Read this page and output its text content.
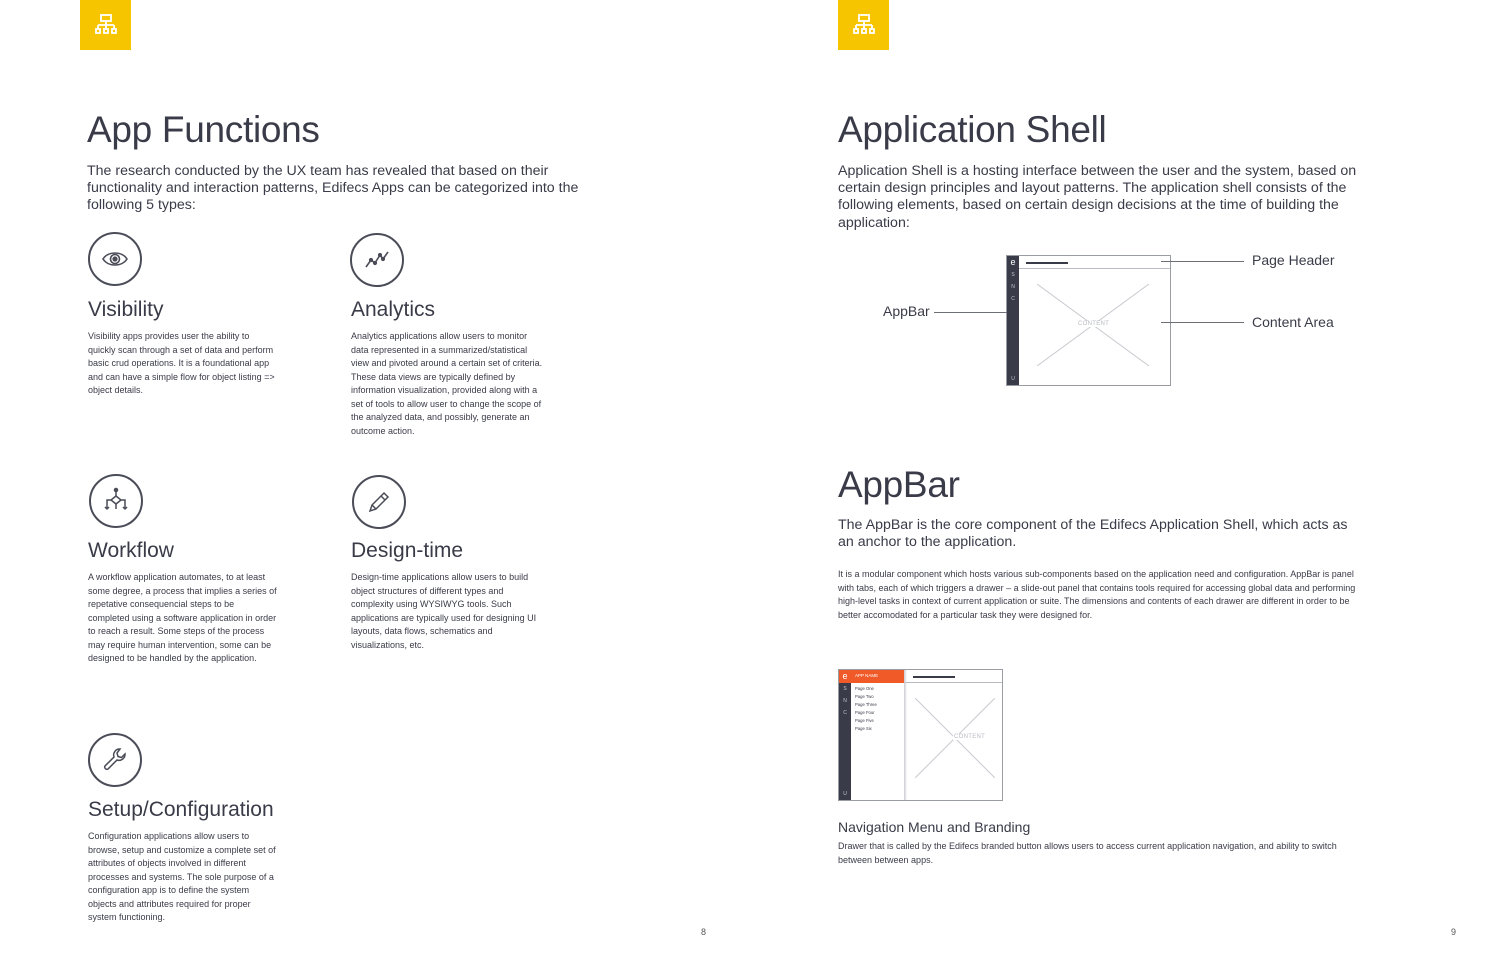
App Functions
The research conducted by the UX team has revealed that based on their functionality and interaction patterns, Edifecs Apps can be categorized into the following 5 types:
Visibility
Visibility apps provides user the ability to quickly scan through a set of data and perform basic crud operations. It is a foundational app and can have a simple flow for object listing => object details.
Analytics
Analytics applications allow users to monitor data represented in a summarized/statistical view and pivoted around a certain set of criteria. These data views are typically defined by information visualization, provided along with a set of tools to allow user to change the scope of the analyzed data, and possibly, generate an outcome action.
Workflow
A workflow application automates, to at least some degree, a process that implies a series of repetative consequencial steps to be completed using a software application in order to reach a result. Some steps of the process may require human intervention, some can be designed to be handled by the application.
Design-time
Design-time applications allow users to build object structures of different types and complexity using WYSIWYG tools. Such applications are typically used for designing UI layouts, data flows, schematics and visualizations, etc.
Setup/Configuration
Configuration applications allow users to browse, setup and customize a complete set of attributes of objects involved in different processes and systems. The sole purpose of a configuration app is to define the system objects and attributes required for proper system functioning.
8
Application Shell
Application Shell is a hosting interface between the user and the system, based on certain design principles and layout patterns. The application shell consists of the following elements, based on certain design decisions at the time of building the application:
e
S
N
C
U
CONTENT
Page Header
AppBar
Content Area
AppBar
The AppBar is the core component of the Edifecs Application Shell, which acts as an anchor to the application.
It is a modular component which hosts various sub-components based on the application need and configuration. AppBar is panel with tabs, each of which triggers a drawer – a slide-out panel that contains tools required for accessing global data and performing high-level tasks in context of current application or suite. The dimensions and contents of each drawer are different in order to be better accomodated for a particular task they were designed for.
e
S
N
C
U
APP NAME
Page One
Page Two
Page Three
Page Four
Page Five
Page Six
CONTENT
Navigation Menu and Branding
Drawer that is called by the Edifecs branded button allows users to access current application navigation, and ability to switch between between apps.
9
